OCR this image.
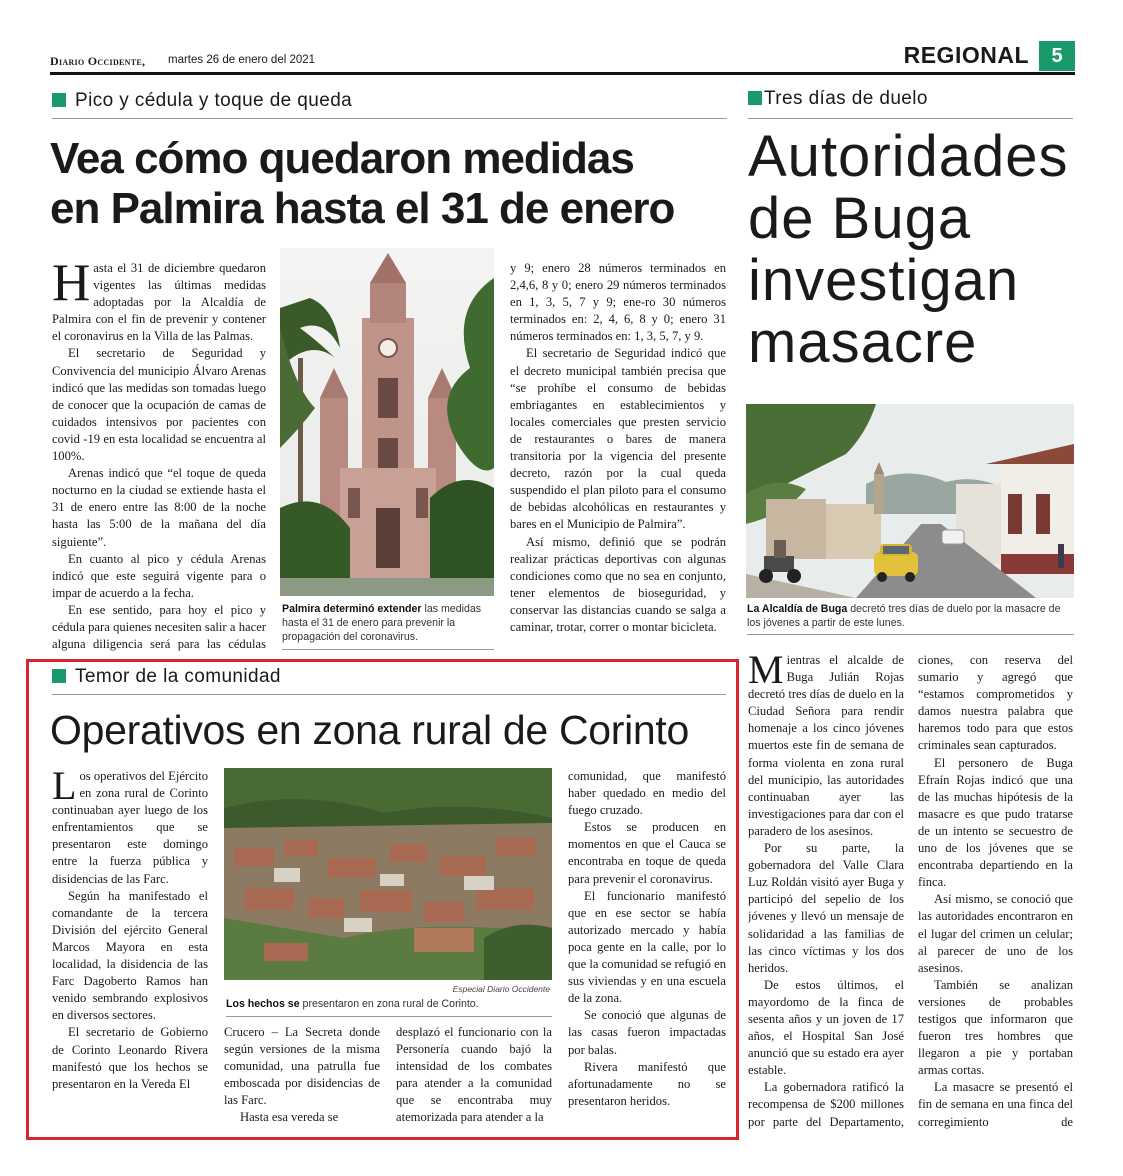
Diario Occidente, martes 26 de enero del 2021	REGIONAL	5
Pico y cédula y toque de queda
Vea cómo quedaron medidas
en Palmira hasta el 31 de enero

Hasta el 31 de diciembre quedaron vigentes las últimas medidas adoptadas por la Alcaldía de Palmira con el fin de prevenir y contener el coronavirus en la Villa de las Palmas.

El secretario de Seguridad y Convivencia del municipio Álvaro Arenas indicó que las medidas son tomadas luego de conocer que la ocupación de camas de cuidados intensivos por pacientes con covid -19 en esta localidad se encuentra al 100%.

Arenas indicó que “el toque de queda nocturno en la ciudad se extiende hasta el 31 de enero entre las 8:00 de la noche hasta las 5:00 de la mañana del día siguiente”.

En cuanto al pico y cédula Arenas indicó que este seguirá vigente para o impar de acuerdo a la fecha.

En ese sentido, para hoy el pico y cédula para quienes necesiten salir a hacer alguna diligencia será para las cédulas

Palmira determinó extender las medidas hasta el 31 de enero para prevenir la propagación del coronavirus.

y 9; enero 28 números terminados en 2,4,6, 8 y 0; enero 29 números terminados en 1, 3, 5, 7 y 9; ene-ro 30 números terminados en: 2, 4, 6, 8 y 0; enero 31 números terminados en: 1, 3, 5, 7, y 9.

El secretario de Seguridad indicó que el decreto municipal también precisa que “se prohíbe el consumo de bebidas embriagantes en establecimientos y locales comerciales que presten servicio de restaurantes o bares de manera transitoria por la vigencia del presente decreto, razón por la cual queda suspendido el plan piloto para el consumo de bebidas alcohólicas en restaurantes y bares en el Municipio de Palmira”.

Así mismo, definió que se podrán realizar prácticas deportivas con algunas condiciones como que no sea en conjunto, tener elementos de bioseguridad, y conservar las distancias cuando se salga a caminar, trotar, correr o montar bicicleta.

Tres días de duelo
Autoridades
de Buga
investigan
masacre
La Alcaldía de Buga decretó tres días de duelo por la masacre de los jóvenes a partir de este lunes.

Mientras el alcalde de Buga Julián Rojas decretó tres días de duelo en la Ciudad Señora para rendir homenaje a los cinco jóvenes muertos este fin de semana de forma violenta en zona rural del municipio, las autoridades continuaban ayer las investigaciones para dar con el paradero de los asesinos.

Por su parte, la gobernadora del Valle Clara Luz Roldán visitó ayer Buga y participó del sepelio de los jóvenes y llevó un mensaje de solidaridad a las familias de las cinco víctimas y los dos heridos.

De estos últimos, el mayordomo de la finca de sesenta años y un joven de 17 años, el Hospital San José anunció que su estado era ayer estable.

La gobernadora ratificó la recompensa de $200 millones por parte del Departamento,

ciones, con reserva del sumario y agregó que “estamos comprometidos y damos nuestra palabra que haremos todo para que estos criminales sean capturados.

El personero de Buga Efraín Rojas indicó que una de las muchas hipótesis de la masacre es que pudo tratarse de un intento se secuestro de uno de los jóvenes que se encontraba departiendo en la finca.

Así mismo, se conoció que las autoridades encontraron en el lugar del crimen un celular; al parecer de uno de los asesinos.

También se analizan versiones de probables testigos que informaron que fueron tres hombres que llegaron a pie y portaban armas cortas.

La masacre se presentó el fin de semana en una finca del corregimiento de

Temor de la comunidad
Operativos en zona rural de Corinto

Los operativos del Ejército en zona rural de Corinto continuaban ayer luego de los enfrentamientos que se presentaron este domingo entre la fuerza pública y disidencias de las Farc.

Según ha manifestado el comandante de la tercera División del ejército General Marcos Mayora en esta localidad, la disidencia de las Farc Dagoberto Ramos han venido sembrando explosivos en diversos sectores.

El secretario de Gobierno de Corinto Leonardo Rivera manifestó que los hechos se presentaron en la Vereda El

Especial Diario Occidente
Los hechos se presentaron en zona rural de Corinto.

Crucero – La Secreta donde según versiones de la misma comunidad, una patrulla fue emboscada por disidencias de las Farc.

Hasta esa vereda se

desplazó el funcionario con la Personería cuando bajó la intensidad de los combates para atender a la comunidad que se encontraba muy atemorizada para atender a la

comunidad, que manifestó haber quedado en medio del fuego cruzado.

Estos se producen en momentos en que el Cauca se encontraba en toque de queda para prevenir el coronavirus.

El funcionario manifestó que en ese sector se había autorizado mercado y había poca gente en la calle, por lo que la comunidad se refugió en sus viviendas y en una escuela de la zona.

Se conoció que algunas de las casas fueron impactadas por balas.

Rivera manifestó que afortunadamente no se presentaron heridos.
